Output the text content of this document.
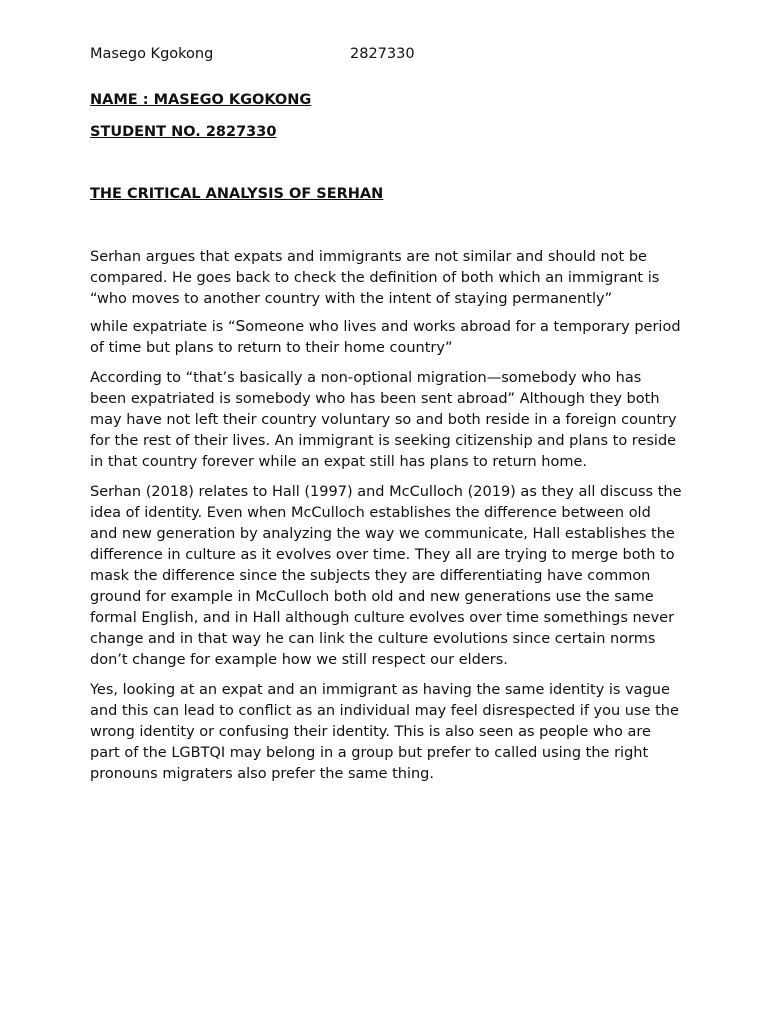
Masego Kgokong	2827330
NAME : MASEGO KGOKONG
STUDENT NO. 2827330
THE CRITICAL ANALYSIS OF SERHAN

Serhan argues that expats and immigrants are not similar and should not be compared. He goes back to check the definition of both which an immigrant is “who moves to another country with the intent of staying permanently”

while expatriate is “Someone who lives and works abroad for a temporary period of time but plans to return to their home country”

According to “that’s basically a non-optional migration—somebody who has been expatriated is somebody who has been sent abroad” Although they both may have not left their country voluntary so and both reside in a foreign country for the rest of their lives. An immigrant is seeking citizenship and plans to reside in that country forever while an expat still has plans to return home.

Serhan (2018) relates to Hall (1997) and McCulloch (2019) as they all discuss the idea of identity. Even when McCulloch establishes the difference between old and new generation by analyzing the way we communicate, Hall establishes the difference in culture as it evolves over time. They all are trying to merge both to mask the difference since the subjects they are differentiating have common ground for example in McCulloch both old and new generations use the same formal English, and in Hall although culture evolves over time somethings never change and in that way he can link the culture evolutions since certain norms don’t change for example how we still respect our elders.

Yes, looking at an expat and an immigrant as having the same identity is vague and this can lead to conflict as an individual may feel disrespected if you use the wrong identity or confusing their identity. This is also seen as people who are part of the LGBTQI may belong in a group but prefer to called using the right pronouns migraters also prefer the same thing.
